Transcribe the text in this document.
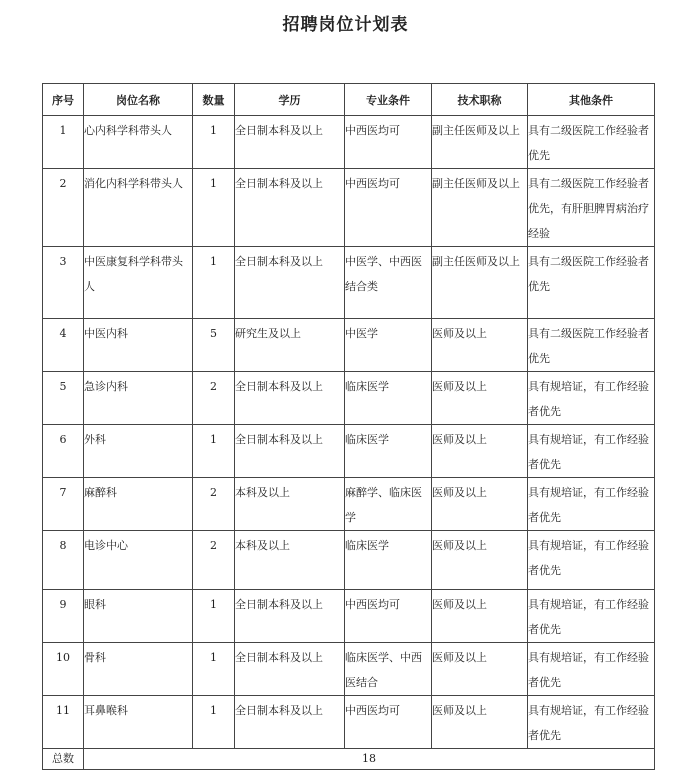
招聘岗位计划表
序号	岗位名称	数量	学历	专业条件	技术职称	其他条件
1	心内科学科带头人	1	全日制本科及以上	中西医均可	副主任医师及以上	具有二级医院工作经验者优先
2	消化内科学科带头人	1	全日制本科及以上	中西医均可	副主任医师及以上	具有二级医院工作经验者优先，有肝胆脾胃病治疗经验
3	中医康复科学科带头人	1	全日制本科及以上	中医学、中西医结合类	副主任医师及以上	具有二级医院工作经验者优先
4	中医内科	5	研究生及以上	中医学	医师及以上	具有二级医院工作经验者优先
5	急诊内科	2	全日制本科及以上	临床医学	医师及以上	具有规培证，有工作经验者优先
6	外科	1	全日制本科及以上	临床医学	医师及以上	具有规培证，有工作经验者优先
7	麻醉科	2	本科及以上	麻醉学、临床医学	医师及以上	具有规培证，有工作经验者优先
8	电诊中心	2	本科及以上	临床医学	医师及以上	具有规培证，有工作经验者优先
9	眼科	1	全日制本科及以上	中西医均可	医师及以上	具有规培证，有工作经验者优先
10	骨科	1	全日制本科及以上	临床医学、中西医结合	医师及以上	具有规培证，有工作经验者优先
11	耳鼻喉科	1	全日制本科及以上	中西医均可	医师及以上	具有规培证，有工作经验者优先
总数	18					
